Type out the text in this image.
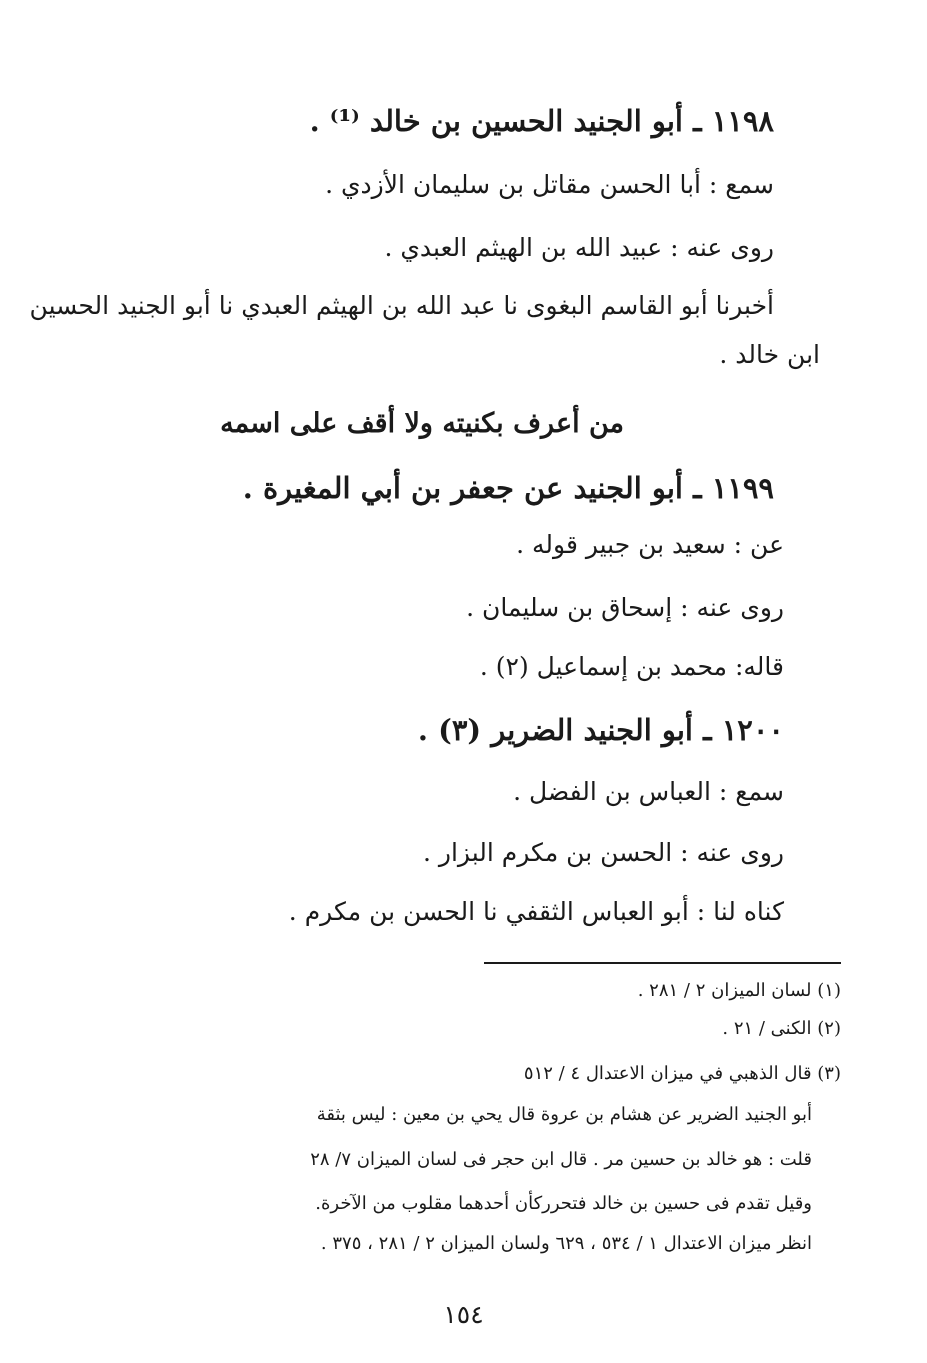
١١٩٨ ـ أبو الجنيد الحسين بن خالد ⁽¹⁾ .
سمع : أبا الحسن مقاتل بن سليمان الأزدي .
روى عنه : عبيد الله بن الهيثم العبدي .
أخبرنا أبو القاسم البغوى نا عبد الله بن الهيثم العبدي نا أبو الجنيد الحسين
ابن خالد .
من أعرف بكنيته ولا أقف على اسمه
١١٩٩ ـ أبو الجنيد عن جعفر بن أبي المغيرة .
عن : سعيد بن جبير قوله .
روى عنه : إسحاق بن سليمان .
قاله: محمد بن إسماعيل (٢) .
١٢٠٠ ـ أبو الجنيد الضرير (٣) .
سمع : العباس بن الفضل .
روى عنه : الحسن بن مكرم البزار .
كناه لنا : أبو العباس الثقفي نا الحسن بن مكرم .
(١) لسان الميزان ٢ / ٢٨١ .
(٢) الكنى / ٢١ .
(٣) قال الذهبي في ميزان الاعتدال ٤ / ٥١٢
أبو الجنيد الضرير عن هشام بن عروة قال يحي بن معين : ليس بثقة
قلت : هو خالد بن حسين مر . قال ابن حجر فى لسان الميزان ٧/ ٢٨
وقيل تقدم فى حسين بن خالد فتحرركأن أحدهما مقلوب من الآخرة.
انظر ميزان الاعتدال ١ / ٥٣٤ ، ٦٢٩ ولسان الميزان ٢ / ٢٨١ ، ٣٧٥ .
١٥٤
